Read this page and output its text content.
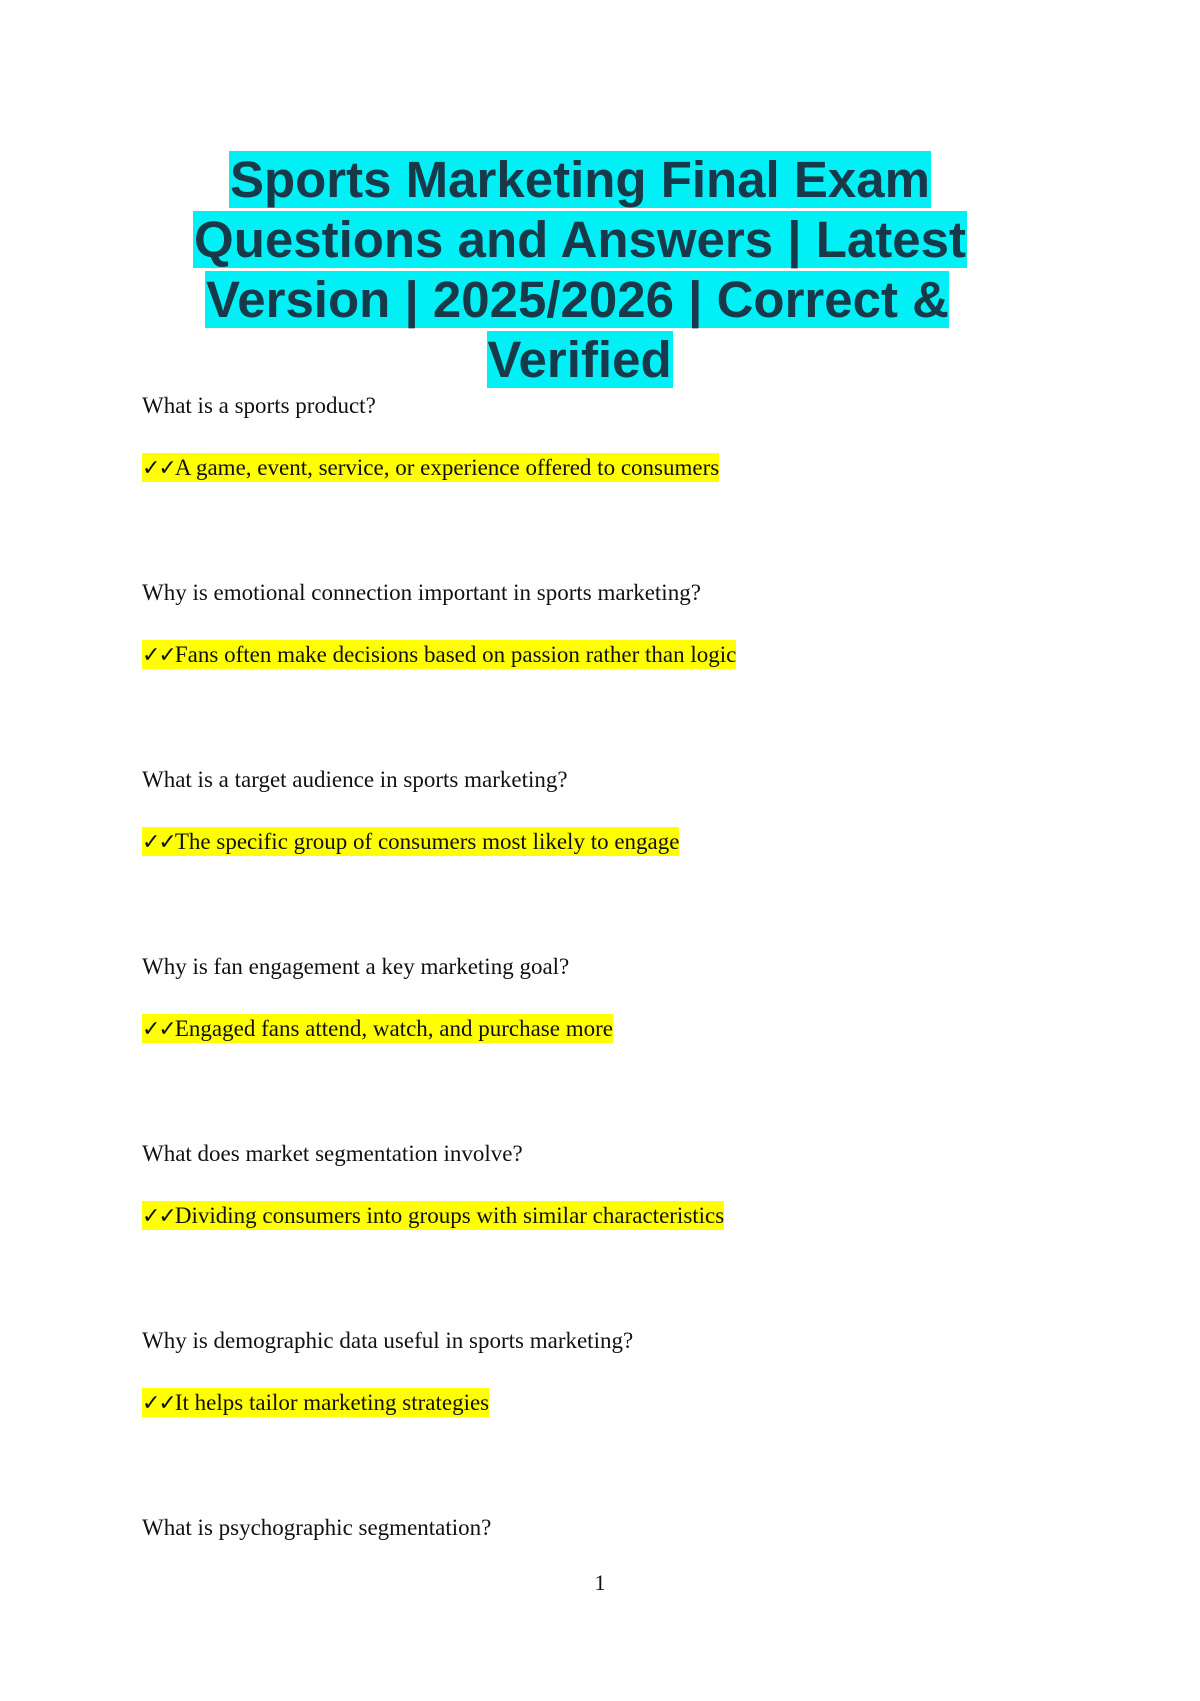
Sports Marketing Final Exam
Questions and Answers | Latest
Version | 2025/2026 | Correct & Verified

What is a sports product?

✓✓A game, event, service, or experience offered to consumers

Why is emotional connection important in sports marketing?

✓✓Fans often make decisions based on passion rather than logic

What is a target audience in sports marketing?

✓✓The specific group of consumers most likely to engage

Why is fan engagement a key marketing goal?

✓✓Engaged fans attend, watch, and purchase more

What does market segmentation involve?

✓✓Dividing consumers into groups with similar characteristics

Why is demographic data useful in sports marketing?

✓✓It helps tailor marketing strategies

What is psychographic segmentation?

1
